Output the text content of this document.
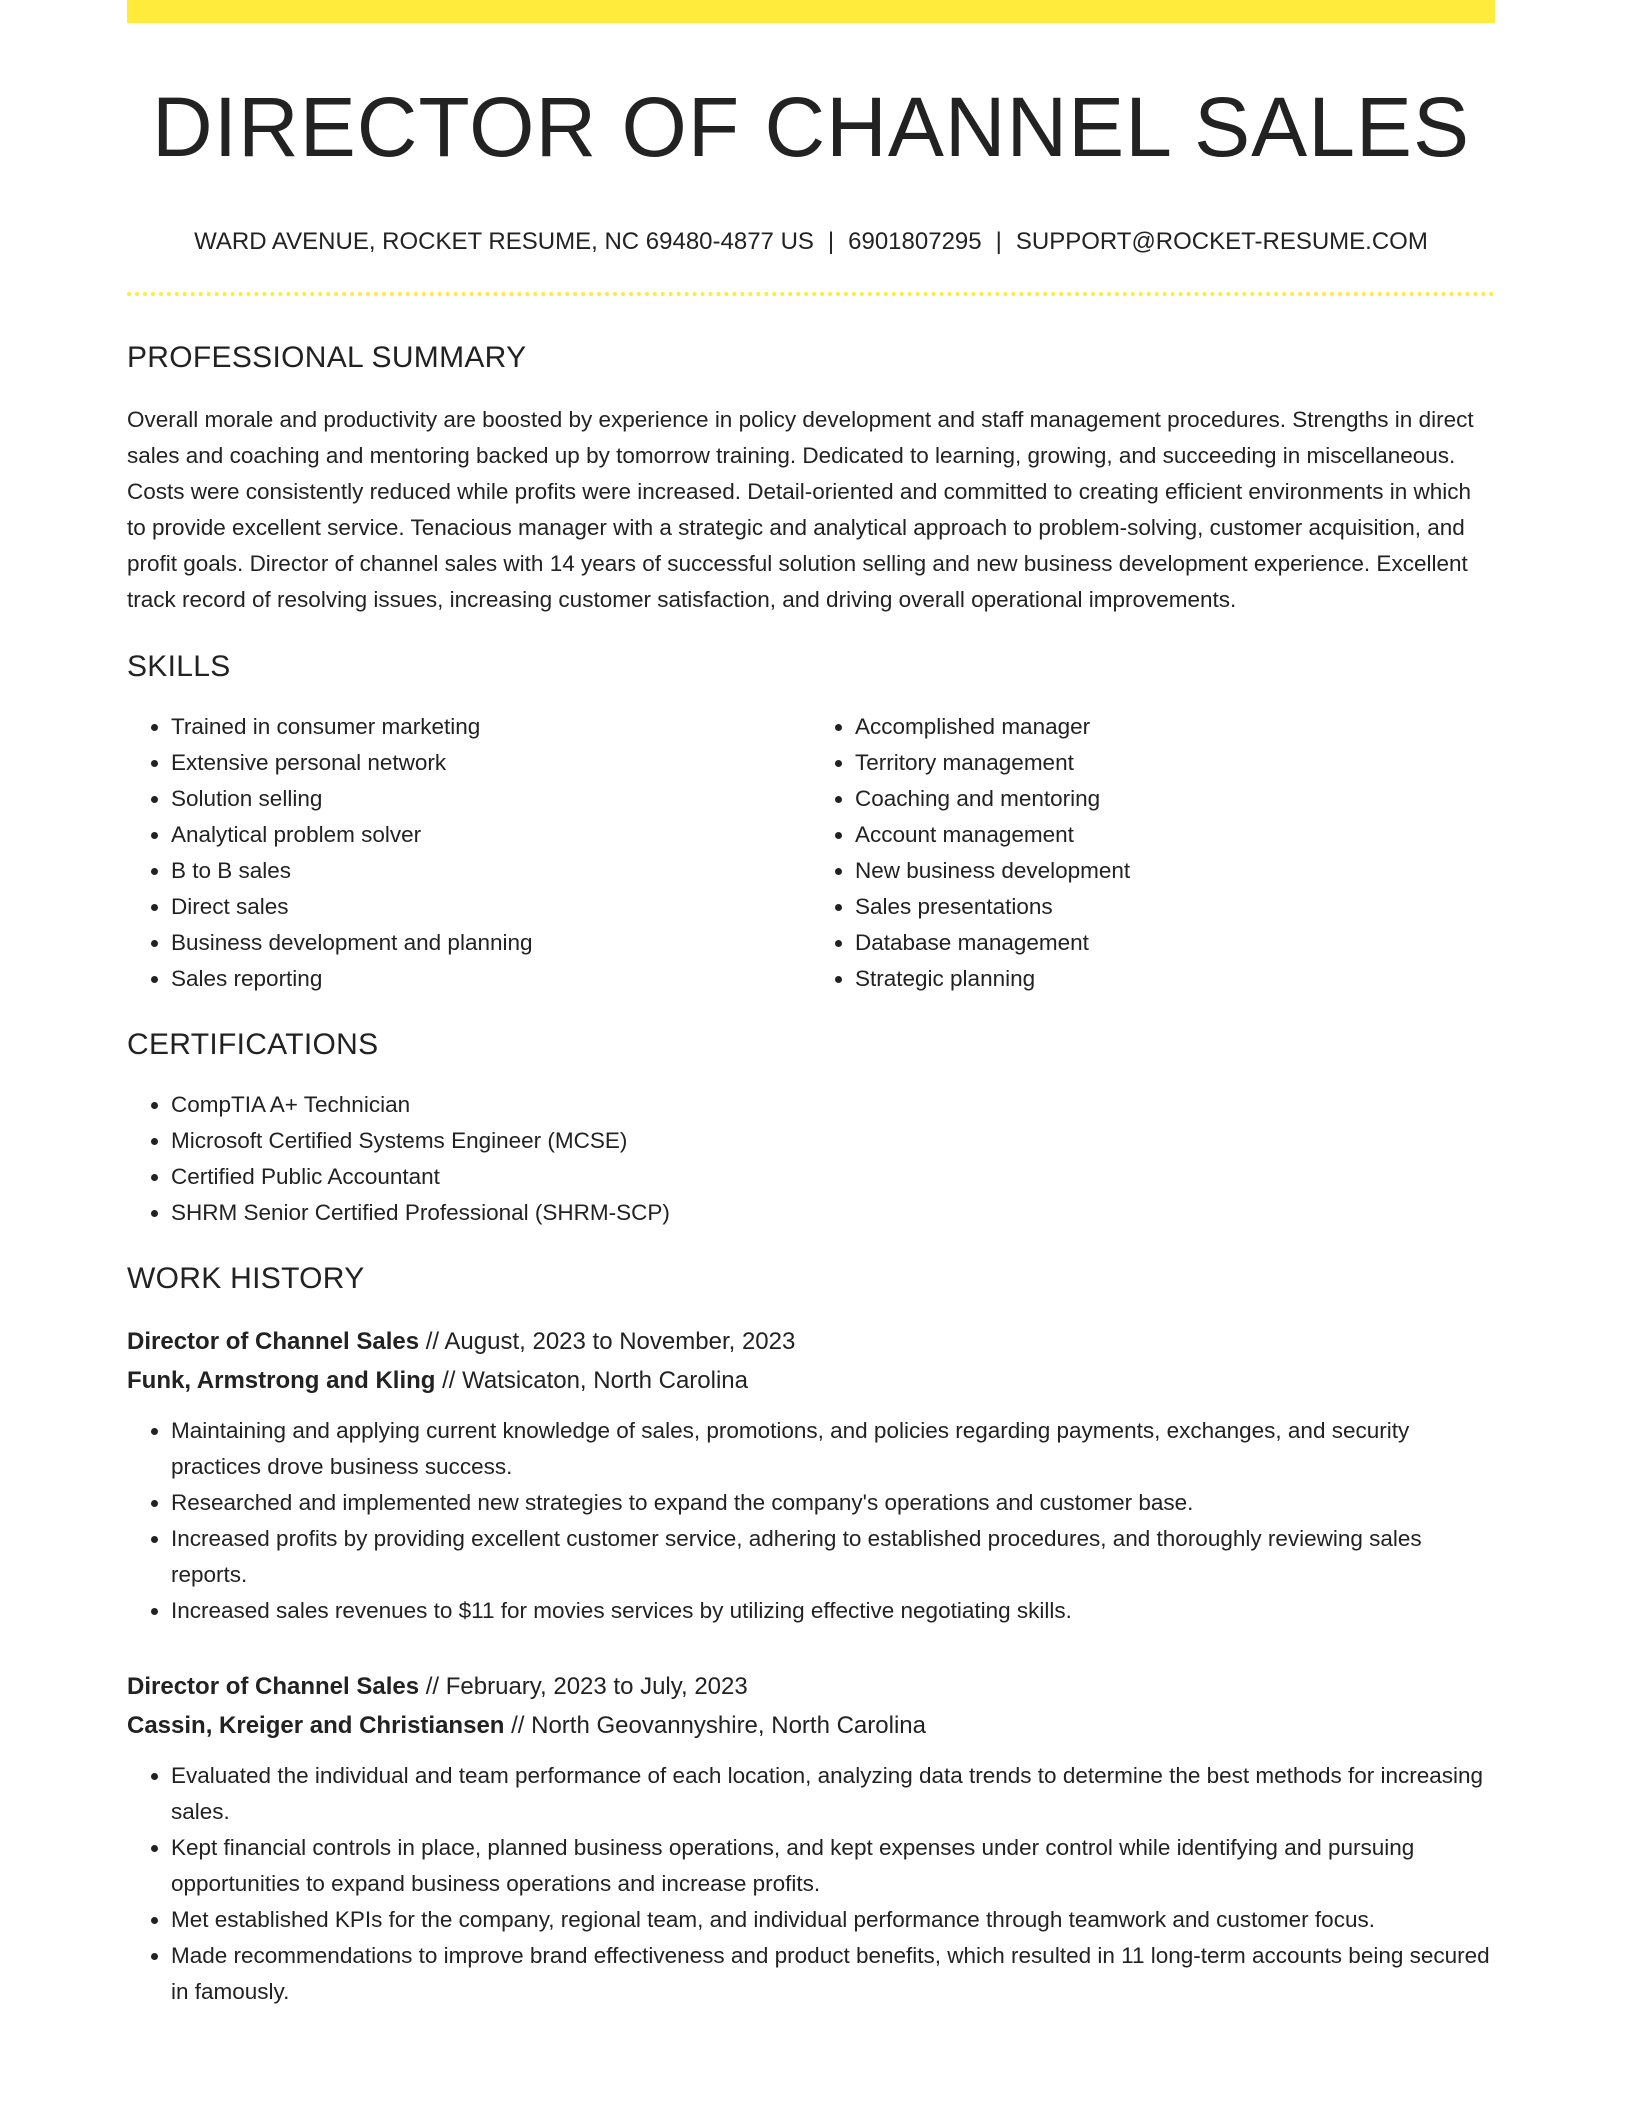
DIRECTOR OF CHANNEL SALES
WARD AVENUE, ROCKET RESUME, NC 69480-4877 US | 6901807295 | SUPPORT@ROCKET-RESUME.COM
PROFESSIONAL SUMMARY

Overall morale and productivity are boosted by experience in policy development and staff management procedures. Strengths in direct sales and coaching and mentoring backed up by tomorrow training. Dedicated to learning, growing, and succeeding in miscellaneous. Costs were consistently reduced while profits were increased. Detail-oriented and committed to creating efficient environments in which to provide excellent service. Tenacious manager with a strategic and analytical approach to problem-solving, customer acquisition, and profit goals. Director of channel sales with 14 years of successful solution selling and new business development experience. Excellent track record of resolving issues, increasing customer satisfaction, and driving overall operational improvements.

SKILLS
• Trained in consumer marketing
• Extensive personal network
• Solution selling
• Analytical problem solver
• B to B sales
• Direct sales
• Business development and planning
• Sales reporting
• Accomplished manager
• Territory management
• Coaching and mentoring
• Account management
• New business development
• Sales presentations
• Database management
• Strategic planning
CERTIFICATIONS
• CompTIA A+ Technician
• Microsoft Certified Systems Engineer (MCSE)
• Certified Public Accountant
• SHRM Senior Certified Professional (SHRM-SCP)
WORK HISTORY
Director of Channel Sales // August, 2023 to November, 2023
Funk, Armstrong and Kling // Watsicaton, North Carolina
• Maintaining and applying current knowledge of sales, promotions, and policies regarding payments, exchanges, and security practices drove business success.
• Researched and implemented new strategies to expand the company's operations and customer base.
• Increased profits by providing excellent customer service, adhering to established procedures, and thoroughly reviewing sales reports.
• Increased sales revenues to $11 for movies services by utilizing effective negotiating skills.
Director of Channel Sales // February, 2023 to July, 2023
Cassin, Kreiger and Christiansen // North Geovannyshire, North Carolina
• Evaluated the individual and team performance of each location, analyzing data trends to determine the best methods for increasing sales.
• Kept financial controls in place, planned business operations, and kept expenses under control while identifying and pursuing opportunities to expand business operations and increase profits.
• Met established KPIs for the company, regional team, and individual performance through teamwork and customer focus.
• Made recommendations to improve brand effectiveness and product benefits, which resulted in 11 long-term accounts being secured in famously.
